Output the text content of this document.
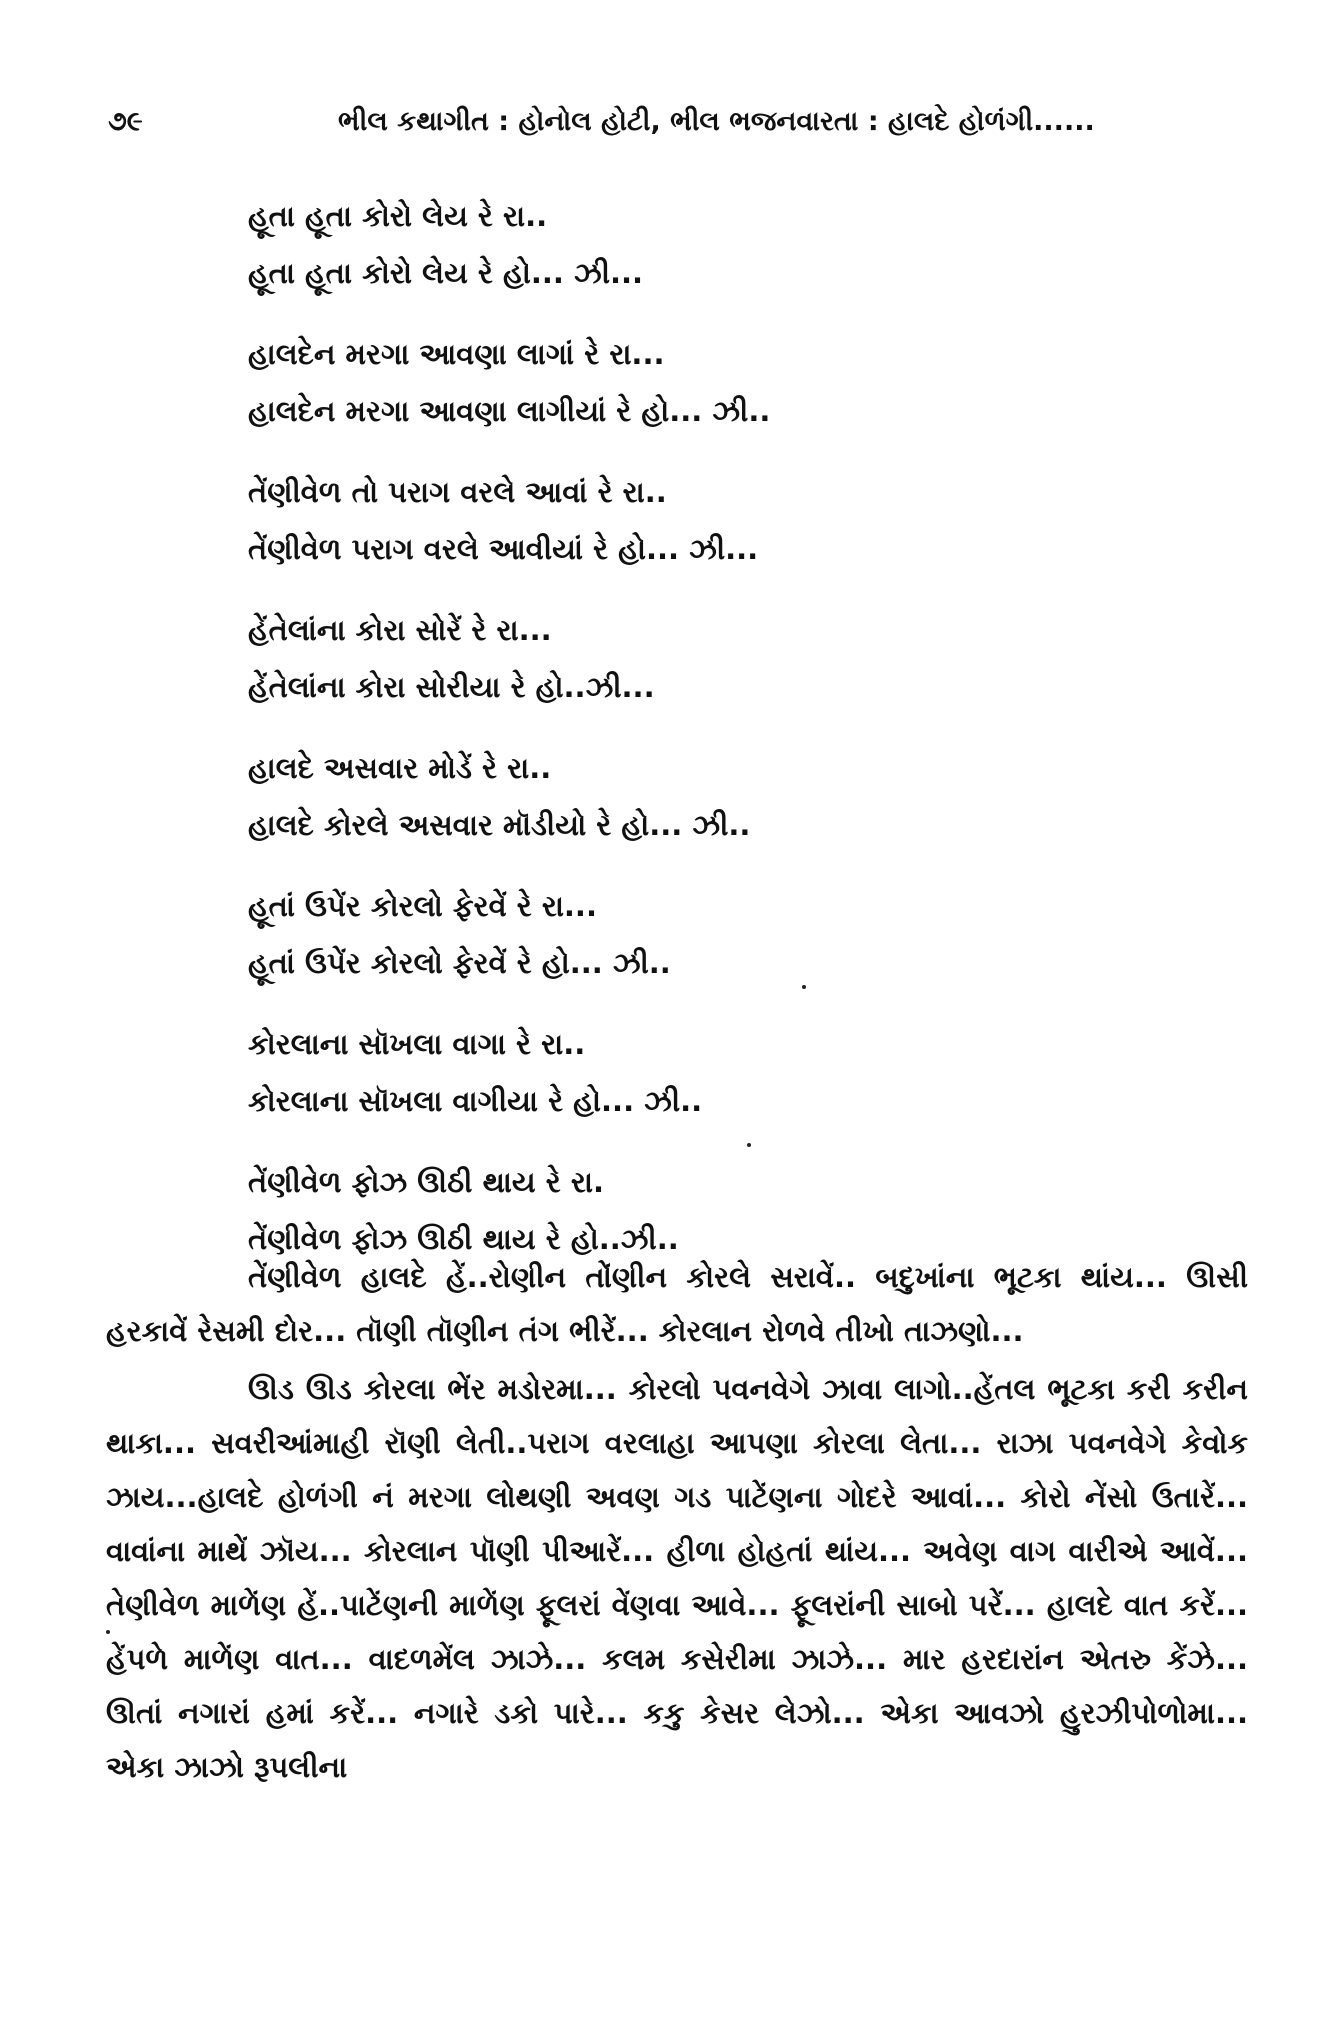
૭૯	ભીલ કથાગીત : હોનોલ હોટી, ભીલ ભજનવારતા : હાલદે હોળંગી......
હૂતા હૂતા કોરો લેય રે રા..
હૂતા હૂતા કોરો લેય રે હો... ઝી...
હાલદેન મરગા આવણા લાગાં રે રા...
હાલદેન મરગા આવણા લાગીયાં રે હો... ઝી..
તેંણીવેળ તો પરાગ વરલે આવાં રે રા..
તેંણીવેળ પરાગ વરલે આવીયાં રે હો... ઝી...
હેંતેલાંના કોરા સોરેં રે રા...
હેંતેલાંના કોરા સોરીયા રે હો..ઝી...
હાલદે અસવાર મોડેં રે રા..
હાલદે કોરલે અસવાર મૉડીયો રે હો... ઝી..
હૂતાં ઉપેંર કોરલો ફેરવેં રે રા...
હૂતાં ઉપેંર કોરલો ફેરવેં રે હો... ઝી..
કોરલાના સૉખલા વાગા રે રા..
કોરલાના સૉખલા વાગીયા રે હો... ઝી..
તેંણીવેળ ફોઝ ઊઠી થાય રે રા.
તેંણીવેળ ફોઝ ઊઠી થાય રે હો..ઝી..

તેંણીવેળ હાલદે હેં..રોણીન તોંણીન કોરલે સરાવેં.. બદુખાંના ભૂટકા થાંય... ઊસી હરકાવેં રેસમી દોર... તૉણી તૉણીન તંગ ભીરેં... કોરલાન રોળવે તીખો તાઝણો...

ઊડ ઊડ કોરલા ભેંર મડોરમા... કોરલો પવનવેગે ઝાવા લાગો..હેંતલ ભૂટકા કરી કરીન થાકા... સવરીઆંમાહી રૉણી લેતી..પરાગ વરલાહા આપણા કોરલા લેતા... રાઝા પવનવેગે કેવોક ઝાય...હાલદે હોળંગી નં મરગા લોથણી અવણ ગડ પાટેંણના ગોદરે આવાં... કોરો નેંસો ઉતારેં... વાવાંના માથેં ઝૉય... કોરલાન પૉણી પીઆરેં... હીળા હોહતાં થાંય... અવેણ વાગ વારીએ આવેં... તેણીવેળ માળેંણ હેં..પાટેંણની માળેંણ ફૂલરાં વેંણવા આવે... ફૂલરાંની સાબો પરેં... હાલદે વાત કરેં... હેંપળે માળેંણ વાત... વાદળમેંલ ઝાઝે... કલમ કસેરીમા ઝાઝે... માર હરદારાંન એતરુ કેંઝે... ઊતાં નગારાં હમાં કરેં... નગારે ડકો પારે... કકુ કેસર લેઝો... એકા આવઝો હુરઝીપોળોમા... એકા ઝાઝો રૂપલીના
